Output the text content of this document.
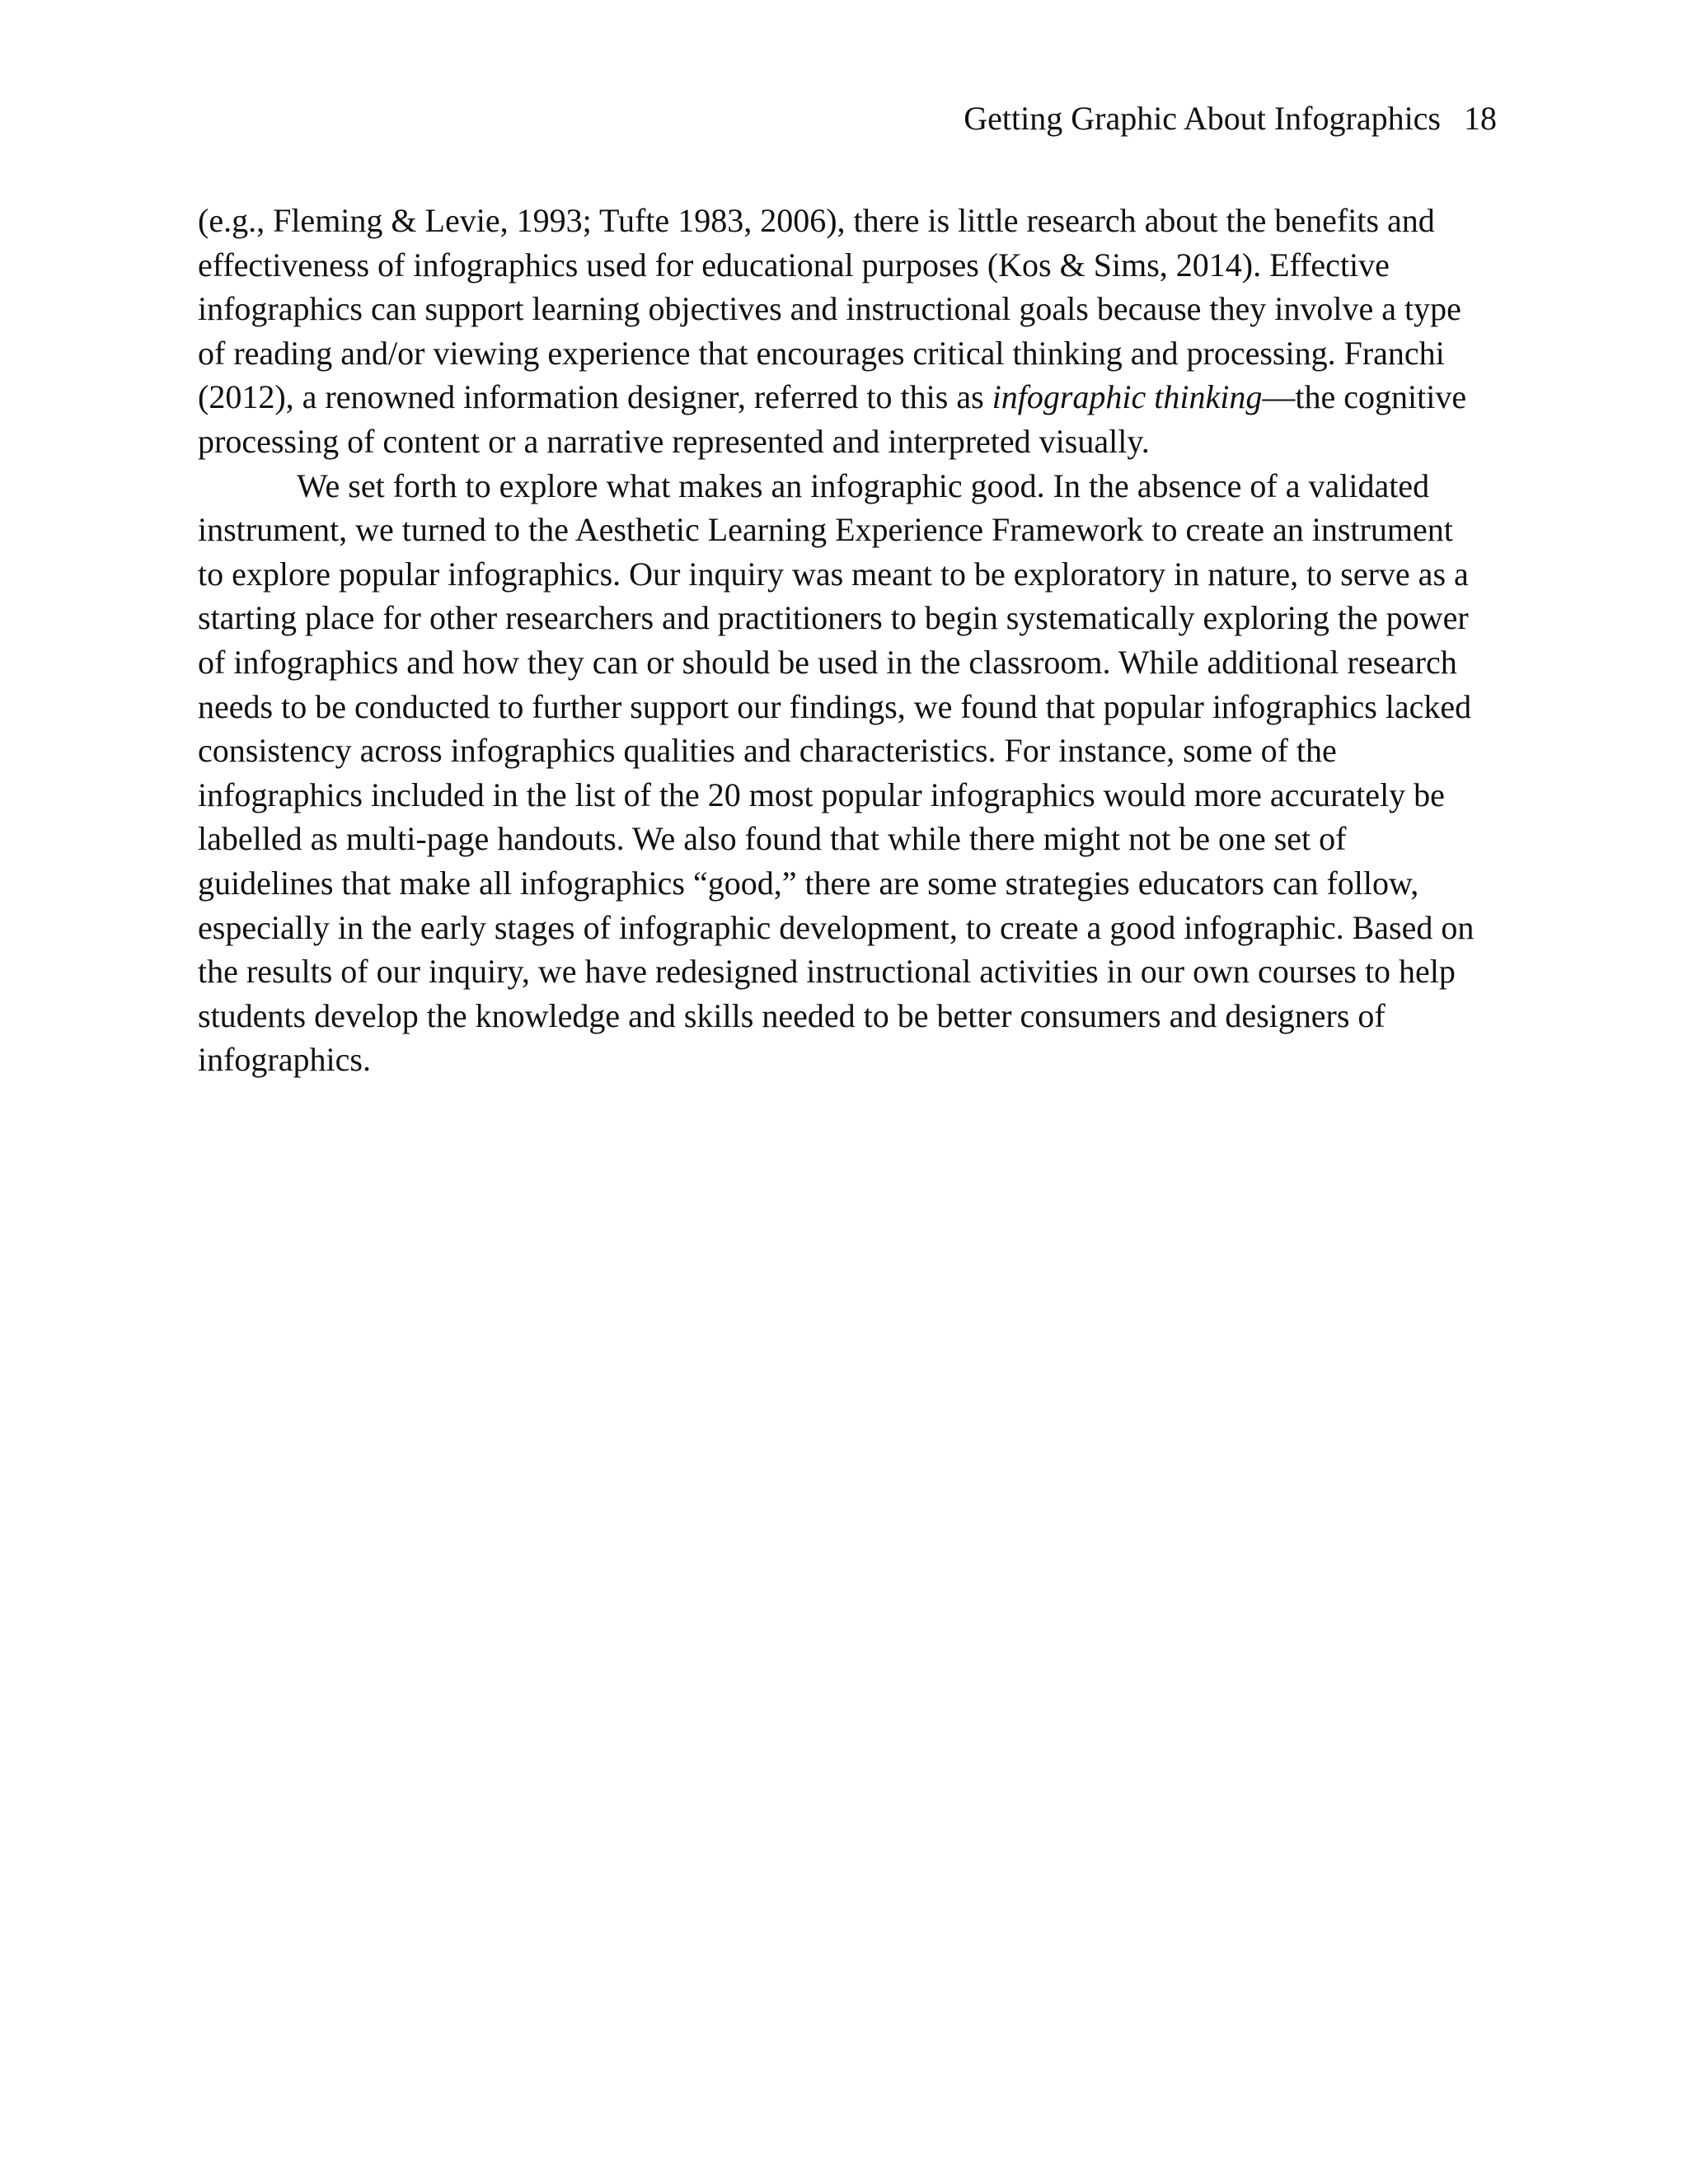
Getting Graphic About Infographics 18

(e.g., Fleming & Levie, 1993; Tufte 1983, 2006), there is little research about the benefits and
effectiveness of infographics used for educational purposes (Kos & Sims, 2014). Effective
infographics can support learning objectives and instructional goals because they involve a type
of reading and/or viewing experience that encourages critical thinking and processing. Franchi
(2012), a renowned information designer, referred to this as infographic thinking—the cognitive
processing of content or a narrative represented and interpreted visually.

We set forth to explore what makes an infographic good. In the absence of a validated
instrument, we turned to the Aesthetic Learning Experience Framework to create an instrument
to explore popular infographics. Our inquiry was meant to be exploratory in nature, to serve as a
starting place for other researchers and practitioners to begin systematically exploring the power
of infographics and how they can or should be used in the classroom. While additional research
needs to be conducted to further support our findings, we found that popular infographics lacked
consistency across infographics qualities and characteristics. For instance, some of the
infographics included in the list of the 20 most popular infographics would more accurately be
labelled as multi-page handouts. We also found that while there might not be one set of
guidelines that make all infographics “good,” there are some strategies educators can follow,
especially in the early stages of infographic development, to create a good infographic. Based on
the results of our inquiry, we have redesigned instructional activities in our own courses to help
students develop the knowledge and skills needed to be better consumers and designers of
infographics.
